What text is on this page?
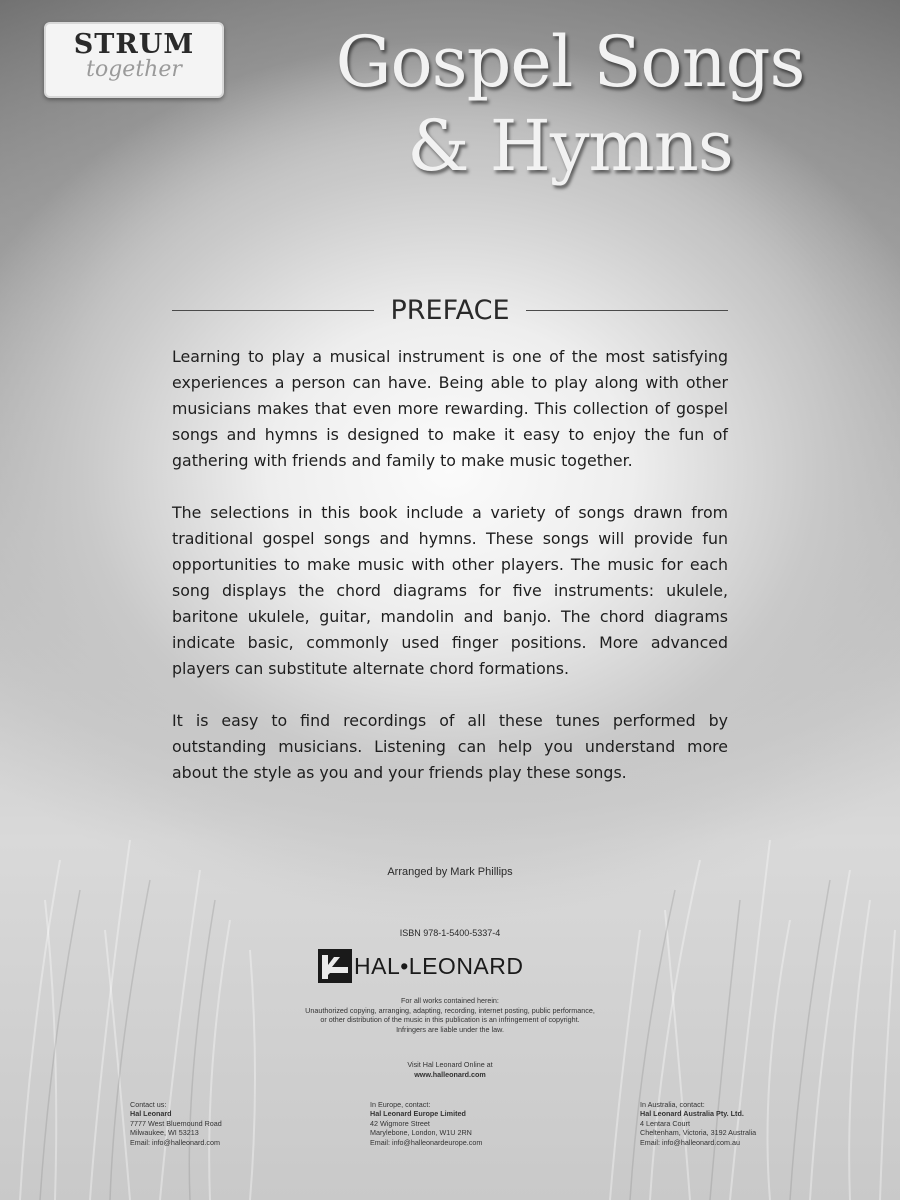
STRUM
together	Gospel Songs
& Hymns
PREFACE

Learning to play a musical instrument is one of the most satisfying experiences a person can have. Being able to play along with other musicians makes that even more rewarding. This collection of gospel songs and hymns is designed to make it easy to enjoy the fun of gathering with friends and family to make music together.

The selections in this book include a variety of songs drawn from traditional gospel songs and hymns. These songs will provide fun opportunities to make music with other players. The music for each song displays the chord diagrams for five instruments: ukulele, baritone ukulele, guitar, mandolin and banjo. The chord diagrams indicate basic, commonly used finger positions. More advanced players can substitute alternate chord formations.

It is easy to find recordings of all these tunes performed by outstanding musicians. Listening can help you understand more about the style as you and your friends play these songs.

Arranged by Mark Phillips
ISBN 978-1-5400-5337-4
HAL•LEONARD
For all works contained herein:
Unauthorized copying, arranging, adapting, recording, internet posting, public performance,
or other distribution of the music in this publication is an infringement of copyright.
Infringers are liable under the law.
Visit Hal Leonard Online at
www.halleonard.com
Contact us:
Hal Leonard
7777 West Bluemound Road
Milwaukee, WI 53213
Email: info@halleonard.com
In Europe, contact:
Hal Leonard Europe Limited
42 Wigmore Street
Marylebone, London, W1U 2RN
Email: info@halleonardeurope.com
In Australia, contact:
Hal Leonard Australia Pty. Ltd.
4 Lentara Court
Cheltenham, Victoria, 3192 Australia
Email: info@halleonard.com.au
